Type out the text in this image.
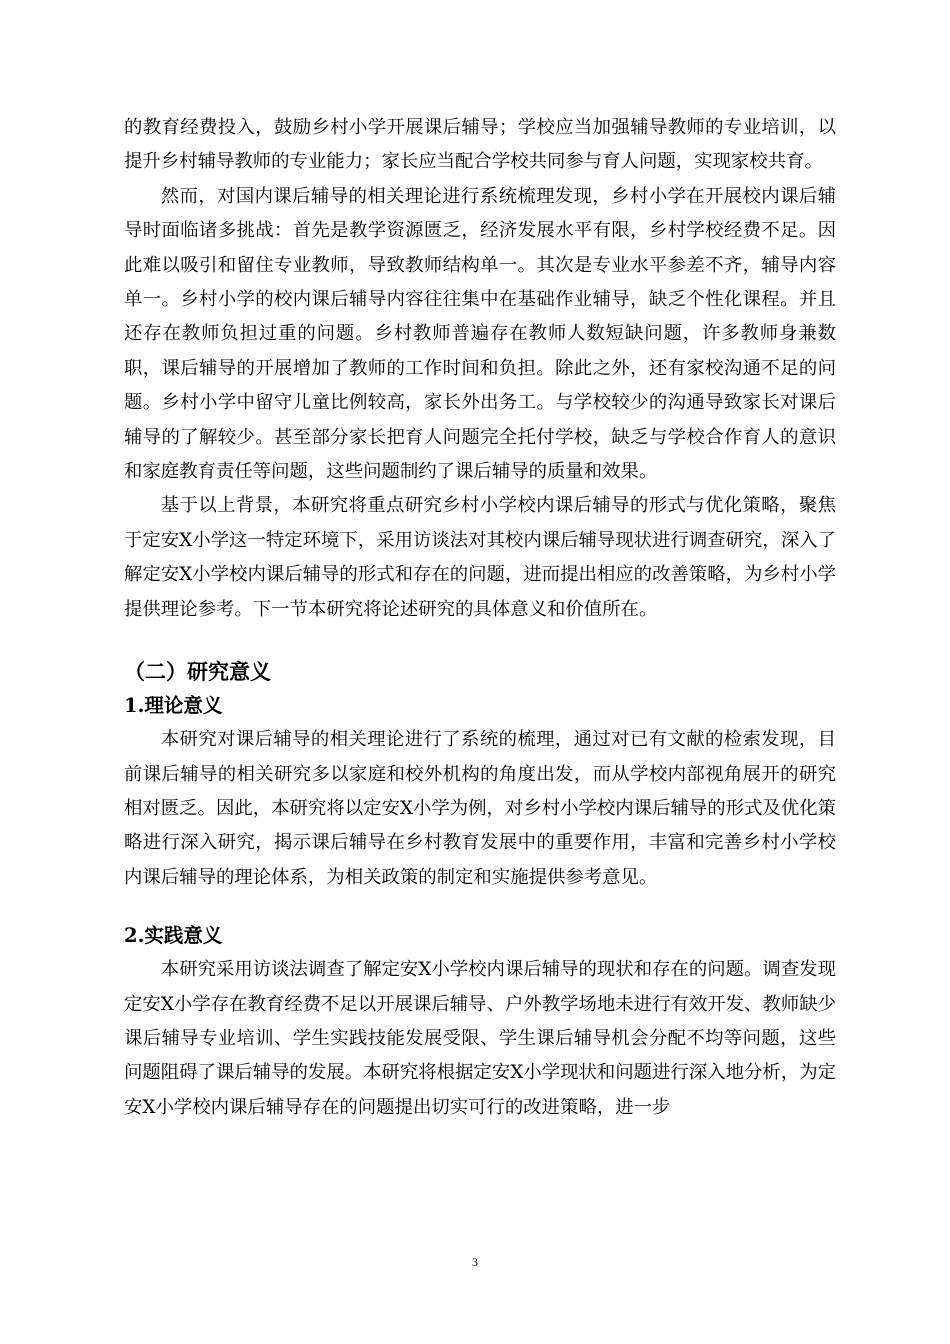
的教育经费投入，鼓励乡村小学开展课后辅导；学校应当加强辅导教师的专业培训，以提升乡村辅导教师的专业能力；家长应当配合学校共同参与育人问题，实现家校共育。

然而，对国内课后辅导的相关理论进行系统梳理发现，乡村小学在开展校内课后辅导时面临诸多挑战：首先是教学资源匮乏，经济发展水平有限，乡村学校经费不足。因此难以吸引和留住专业教师，导致教师结构单一。其次是专业水平参差不齐，辅导内容单一。乡村小学的校内课后辅导内容往往集中在基础作业辅导，缺乏个性化课程。并且还存在教师负担过重的问题。乡村教师普遍存在教师人数短缺问题，许多教师身兼数职，课后辅导的开展增加了教师的工作时间和负担。除此之外，还有家校沟通不足的问题。乡村小学中留守儿童比例较高，家长外出务工。与学校较少的沟通导致家长对课后辅导的了解较少。甚至部分家长把育人问题完全托付学校，缺乏与学校合作育人的意识和家庭教育责任等问题，这些问题制约了课后辅导的质量和效果。

基于以上背景，本研究将重点研究乡村小学校内课后辅导的形式与优化策略，聚焦于定安X小学这一特定环境下，采用访谈法对其校内课后辅导现状进行调查研究，深入了解定安X小学校内课后辅导的形式和存在的问题，进而提出相应的改善策略，为乡村小学提供理论参考。下一节本研究将论述研究的具体意义和价值所在。

（二）研究意义
1.理论意义

本研究对课后辅导的相关理论进行了系统的梳理，通过对已有文献的检索发现，目前课后辅导的相关研究多以家庭和校外机构的角度出发，而从学校内部视角展开的研究相对匮乏。因此，本研究将以定安X小学为例，对乡村小学校内课后辅导的形式及优化策略进行深入研究，揭示课后辅导在乡村教育发展中的重要作用，丰富和完善乡村小学校内课后辅导的理论体系，为相关政策的制定和实施提供参考意见。

2.实践意义

本研究采用访谈法调查了解定安X小学校内课后辅导的现状和存在的问题。调查发现定安X小学存在教育经费不足以开展课后辅导、户外教学场地未进行有效开发、教师缺少课后辅导专业培训、学生实践技能发展受限、学生课后辅导机会分配不均等问题，这些问题阻碍了课后辅导的发展。本研究将根据定安X小学现状和问题进行深入地分析，为定安X小学校内课后辅导存在的问题提出切实可行的改进策略，进一步

3
